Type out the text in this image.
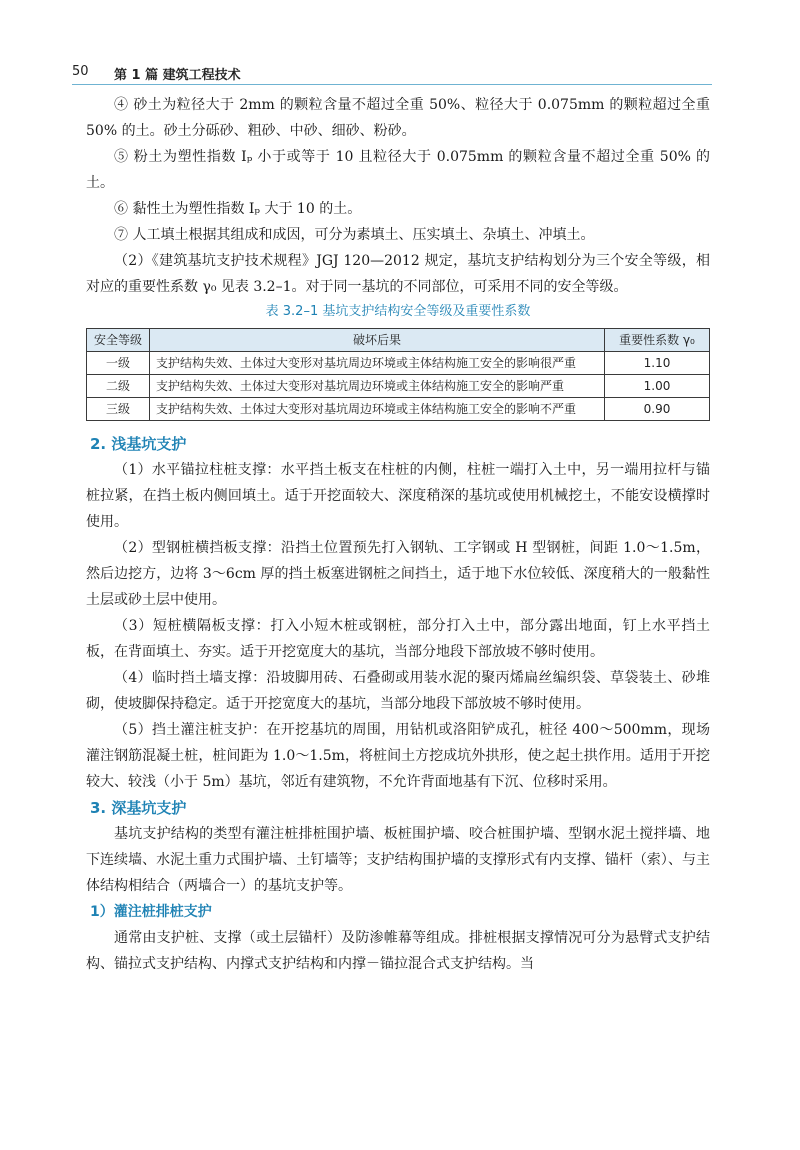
50 第 1 篇 建筑工程技术

④ 砂土为粒径大于 2mm 的颗粒含量不超过全重 50%、粒径大于 0.075mm 的颗粒超过全重 50% 的土。砂土分砾砂、粗砂、中砂、细砂、粉砂。

⑤ 粉土为塑性指数 Iₚ 小于或等于 10 且粒径大于 0.075mm 的颗粒含量不超过全重 50% 的土。

⑥ 黏性土为塑性指数 Iₚ 大于 10 的土。

⑦ 人工填土根据其组成和成因，可分为素填土、压实填土、杂填土、冲填土。

（2）《建筑基坑支护技术规程》JGJ 120—2012 规定，基坑支护结构划分为三个安全等级，相对应的重要性系数 γ₀ 见表 3.2–1。对于同一基坑的不同部位，可采用不同的安全等级。

表 3.2–1 基坑支护结构安全等级及重要性系数
安全等级	破坏后果	重要性系数 γ₀
一级	支护结构失效、土体过大变形对基坑周边环境或主体结构施工安全的影响很严重	1.10
二级	支护结构失效、土体过大变形对基坑周边环境或主体结构施工安全的影响严重	1.00
三级	支护结构失效、土体过大变形对基坑周边环境或主体结构施工安全的影响不严重	0.90
2. 浅基坑支护

（1）水平锚拉柱桩支撑：水平挡土板支在柱桩的内侧，柱桩一端打入土中，另一端用拉杆与锚桩拉紧，在挡土板内侧回填土。适于开挖面较大、深度稍深的基坑或使用机械挖土，不能安设横撑时使用。

（2）型钢桩横挡板支撑：沿挡土位置预先打入钢轨、工字钢或 H 型钢桩，间距 1.0～1.5m，然后边挖方，边将 3～6cm 厚的挡土板塞进钢桩之间挡土，适于地下水位较低、深度稍大的一般黏性土层或砂土层中使用。

（3）短桩横隔板支撑：打入小短木桩或钢桩，部分打入土中，部分露出地面，钉上水平挡土板，在背面填土、夯实。适于开挖宽度大的基坑，当部分地段下部放坡不够时使用。

（4）临时挡土墙支撑：沿坡脚用砖、石叠砌或用装水泥的聚丙烯扁丝编织袋、草袋装土、砂堆砌，使坡脚保持稳定。适于开挖宽度大的基坑，当部分地段下部放坡不够时使用。

（5）挡土灌注桩支护：在开挖基坑的周围，用钻机或洛阳铲成孔，桩径 400～500mm，现场灌注钢筋混凝土桩，桩间距为 1.0～1.5m，将桩间土方挖成坑外拱形，使之起土拱作用。适用于开挖较大、较浅（小于 5m）基坑，邻近有建筑物，不允许背面地基有下沉、位移时采用。

3. 深基坑支护

基坑支护结构的类型有灌注桩排桩围护墙、板桩围护墙、咬合桩围护墙、型钢水泥土搅拌墙、地下连续墙、水泥土重力式围护墙、土钉墙等；支护结构围护墙的支撑形式有内支撑、锚杆（索）、与主体结构相结合（两墙合一）的基坑支护等。

1）灌注桩排桩支护

通常由支护桩、支撑（或土层锚杆）及防渗帷幕等组成。排桩根据支撑情况可分为悬臂式支护结构、锚拉式支护结构、内撑式支护结构和内撑－锚拉混合式支护结构。当
